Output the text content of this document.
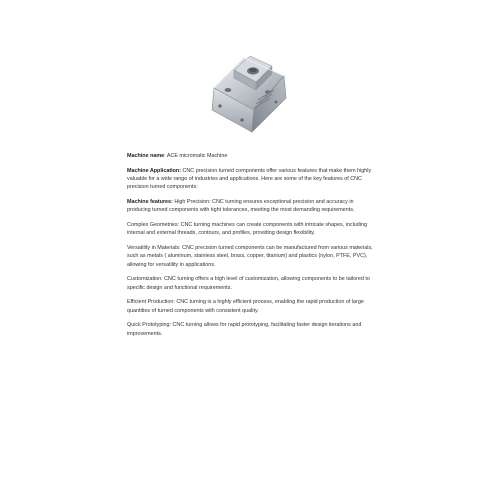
Machine name: ACE micromatic Machine

Machine Application: CNC precision turned components offer various features that make them highly valuable for a wide range of industries and applications. Here are some of the key features of CNC precision turned components:

Machine features: High Precision: CNC turning ensures exceptional precision and accuracy in producing turned components with tight tolerances, meeting the most demanding requirements.

Complex Geometries: CNC turning machines can create components with intricate shapes, including internal and external threads, contours, and profiles, providing design flexibility.

Versatility in Materials: CNC precision turned components can be manufactured from various materials, such as metals ( aluminum, stainless steel, brass, copper, titanium) and plastics (nylon, PTFE, PVC), allowing for versatility in applications.

Customization: CNC turning offers a high level of customization, allowing components to be tailored to specific design and functional requirements.

Efficient Production: CNC turning is a highly efficient process, enabling the rapid production of large quantities of turned components with consistent quality.

Quick Prototyping: CNC turning allows for rapid prototyping, facilitating faster design iterations and improvements.
